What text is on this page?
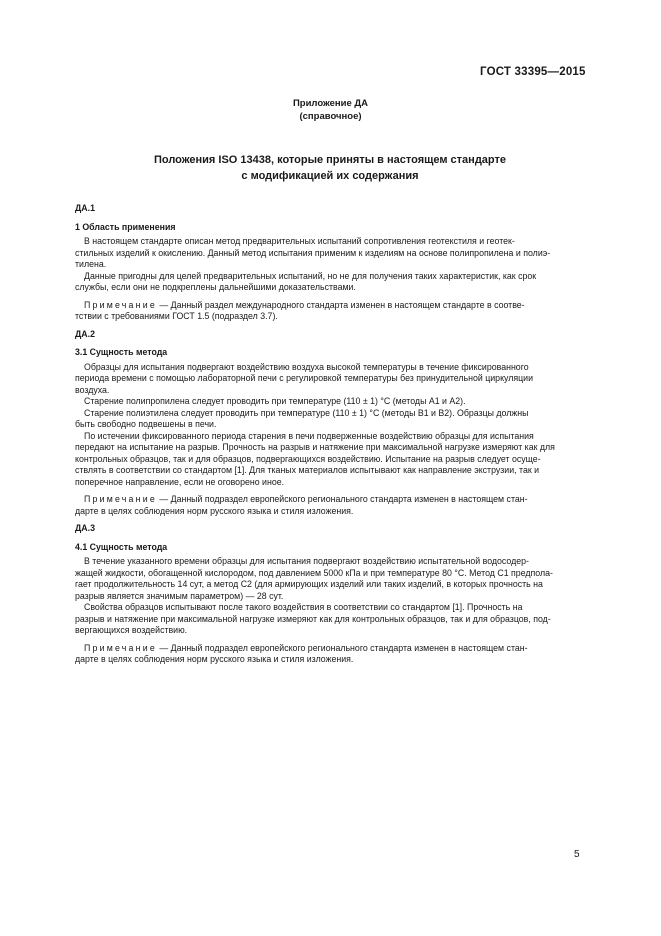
ГОСТ 33395—2015
Приложение ДА
(справочное)
Положения ISO 13438, которые приняты в настоящем стандарте
с модификацией их содержания
ДА.1
1 Область применения
В настоящем стандарте описан метод предварительных испытаний сопротивления геотекстиля и геотек-
стильных изделий к окислению. Данный метод испытания применим к изделиям на основе полипропилена и полиэ-
тилена.
Данные пригодны для целей предварительных испытаний, но не для получения таких характеристик, как срок
службы, если они не подкреплены дальнейшими доказательствами.
Примечание — Данный раздел международного стандарта изменен в настоящем стандарте в соотве-
тствии с требованиями ГОСТ 1.5 (подраздел 3.7).
ДА.2
3.1 Сущность метода
Образцы для испытания подвергают воздействию воздуха высокой температуры в течение фиксированного
периода времени с помощью лабораторной печи с регулировкой температуры без принудительной циркуляции
воздуха.
Старение полипропилена следует проводить при температуре (110 ± 1) °С (методы А1 и А2).
Старение полиэтилена следует проводить при температуре (110 ± 1) °С (методы В1 и В2). Образцы должны
быть свободно подвешены в печи.
По истечении фиксированного периода старения в печи подверженные воздействию образцы для испытания
передают на испытание на разрыв. Прочность на разрыв и натяжение при максимальной нагрузке измеряют как для
контрольных образцов, так и для образцов, подвергающихся воздействию. Испытание на разрыв следует осуще-
ствлять в соответствии со стандартом [1]. Для тканых материалов испытывают как направление экструзии, так и
поперечное направление, если не оговорено иное.
Примечание — Данный подраздел европейского регионального стандарта изменен в настоящем стан-
дарте в целях соблюдения норм русского языка и стиля изложения.
ДА.3
4.1 Сущность метода
В течение указанного времени образцы для испытания подвергают воздействию испытательной водосодер-
жащей жидкости, обогащенной кислородом, под давлением 5000 кПа и при температуре 80 °С. Метод С1 предпола-
гает продолжительность 14 сут, а метод С2 (для армирующих изделий или таких изделий, в которых прочность на
разрыв является значимым параметром) — 28 сут.
Свойства образцов испытывают после такого воздействия в соответствии со стандартом [1]. Прочность на
разрыв и натяжение при максимальной нагрузке измеряют как для контрольных образцов, так и для образцов, под-
вергающихся воздействию.
Примечание — Данный подраздел европейского регионального стандарта изменен в настоящем стан-
дарте в целях соблюдения норм русского языка и стиля изложения.
5
